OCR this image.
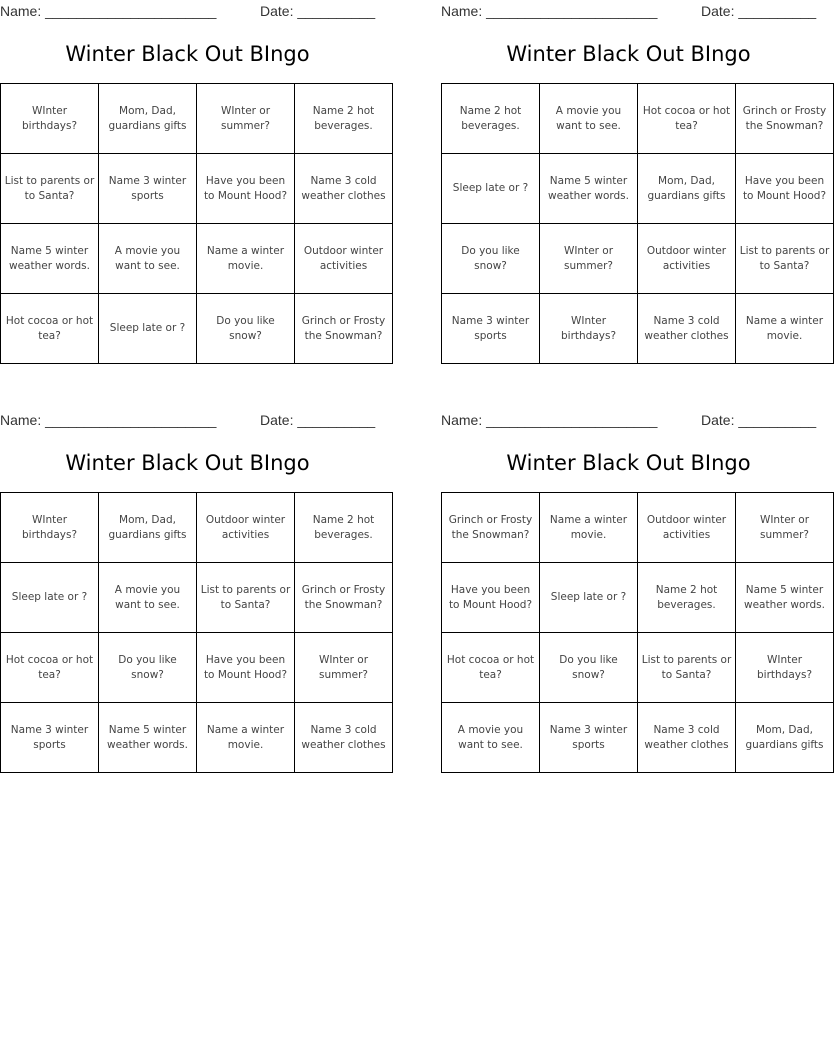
Name: ______________________	Date: __________
Winter Black Out BIngo
WInter birthdays?	Mom, Dad, guardians gifts	WInter or summer?	Name 2 hot beverages.
List to parents or to Santa?	Name 3 winter sports	Have you been to Mount Hood?	Name 3 cold weather clothes
Name 5 winter weather words.	A movie you want to see.	Name a winter movie.	Outdoor winter activities
Hot cocoa or hot tea?	Sleep late or ?	Do you like snow?	Grinch or Frosty the Snowman?
Name: ______________________	Date: __________
Winter Black Out BIngo
Name 2 hot beverages.	A movie you want to see.	Hot cocoa or hot tea?	Grinch or Frosty the Snowman?
Sleep late or ?	Name 5 winter weather words.	Mom, Dad, guardians gifts	Have you been to Mount Hood?
Do you like snow?	WInter or summer?	Outdoor winter activities	List to parents or to Santa?
Name 3 winter sports	WInter birthdays?	Name 3 cold weather clothes	Name a winter movie.
Name: ______________________	Date: __________
Winter Black Out BIngo
WInter birthdays?	Mom, Dad, guardians gifts	Outdoor winter activities	Name 2 hot beverages.
Sleep late or ?	A movie you want to see.	List to parents or to Santa?	Grinch or Frosty the Snowman?
Hot cocoa or hot tea?	Do you like snow?	Have you been to Mount Hood?	WInter or summer?
Name 3 winter sports	Name 5 winter weather words.	Name a winter movie.	Name 3 cold weather clothes
Name: ______________________	Date: __________
Winter Black Out BIngo
Grinch or Frosty the Snowman?	Name a winter movie.	Outdoor winter activities	WInter or summer?
Have you been to Mount Hood?	Sleep late or ?	Name 2 hot beverages.	Name 5 winter weather words.
Hot cocoa or hot tea?	Do you like snow?	List to parents or to Santa?	WInter birthdays?
A movie you want to see.	Name 3 winter sports	Name 3 cold weather clothes	Mom, Dad, guardians gifts
